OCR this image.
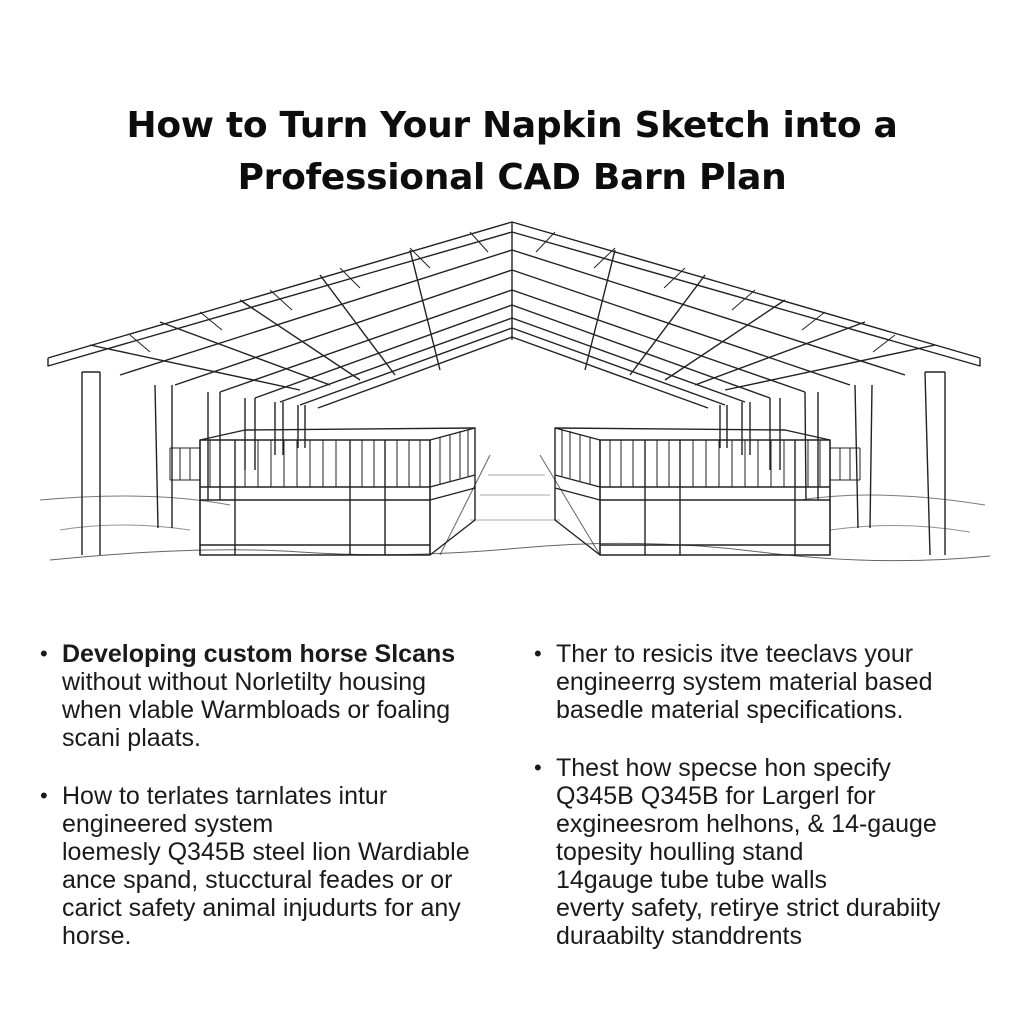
How to Turn Your Napkin Sketch into a
Professional CAD Barn Plan

• Developing custom horse Slcans
without without Norletilty housing
when vlable Warmbloads or foaling
scani plaats.

• How to terlates tarnlates intur
engineered system
loemesly Q345B steel lion Wardiable
ance spand, stucctural feades or or
carict safety animal injudurts for any
horse.

• Ther to resicis itve teeclavs your
engineerrg system material based
basedle material specifications.

• Thest how specse hon specify
Q345B Q345B for Largerl for
exgineesrom helhons, & 14-gauge
topesity houlling stand
14gauge tube tube walls
everty safety, retirye strict durabiity
duraabilty standdrents
